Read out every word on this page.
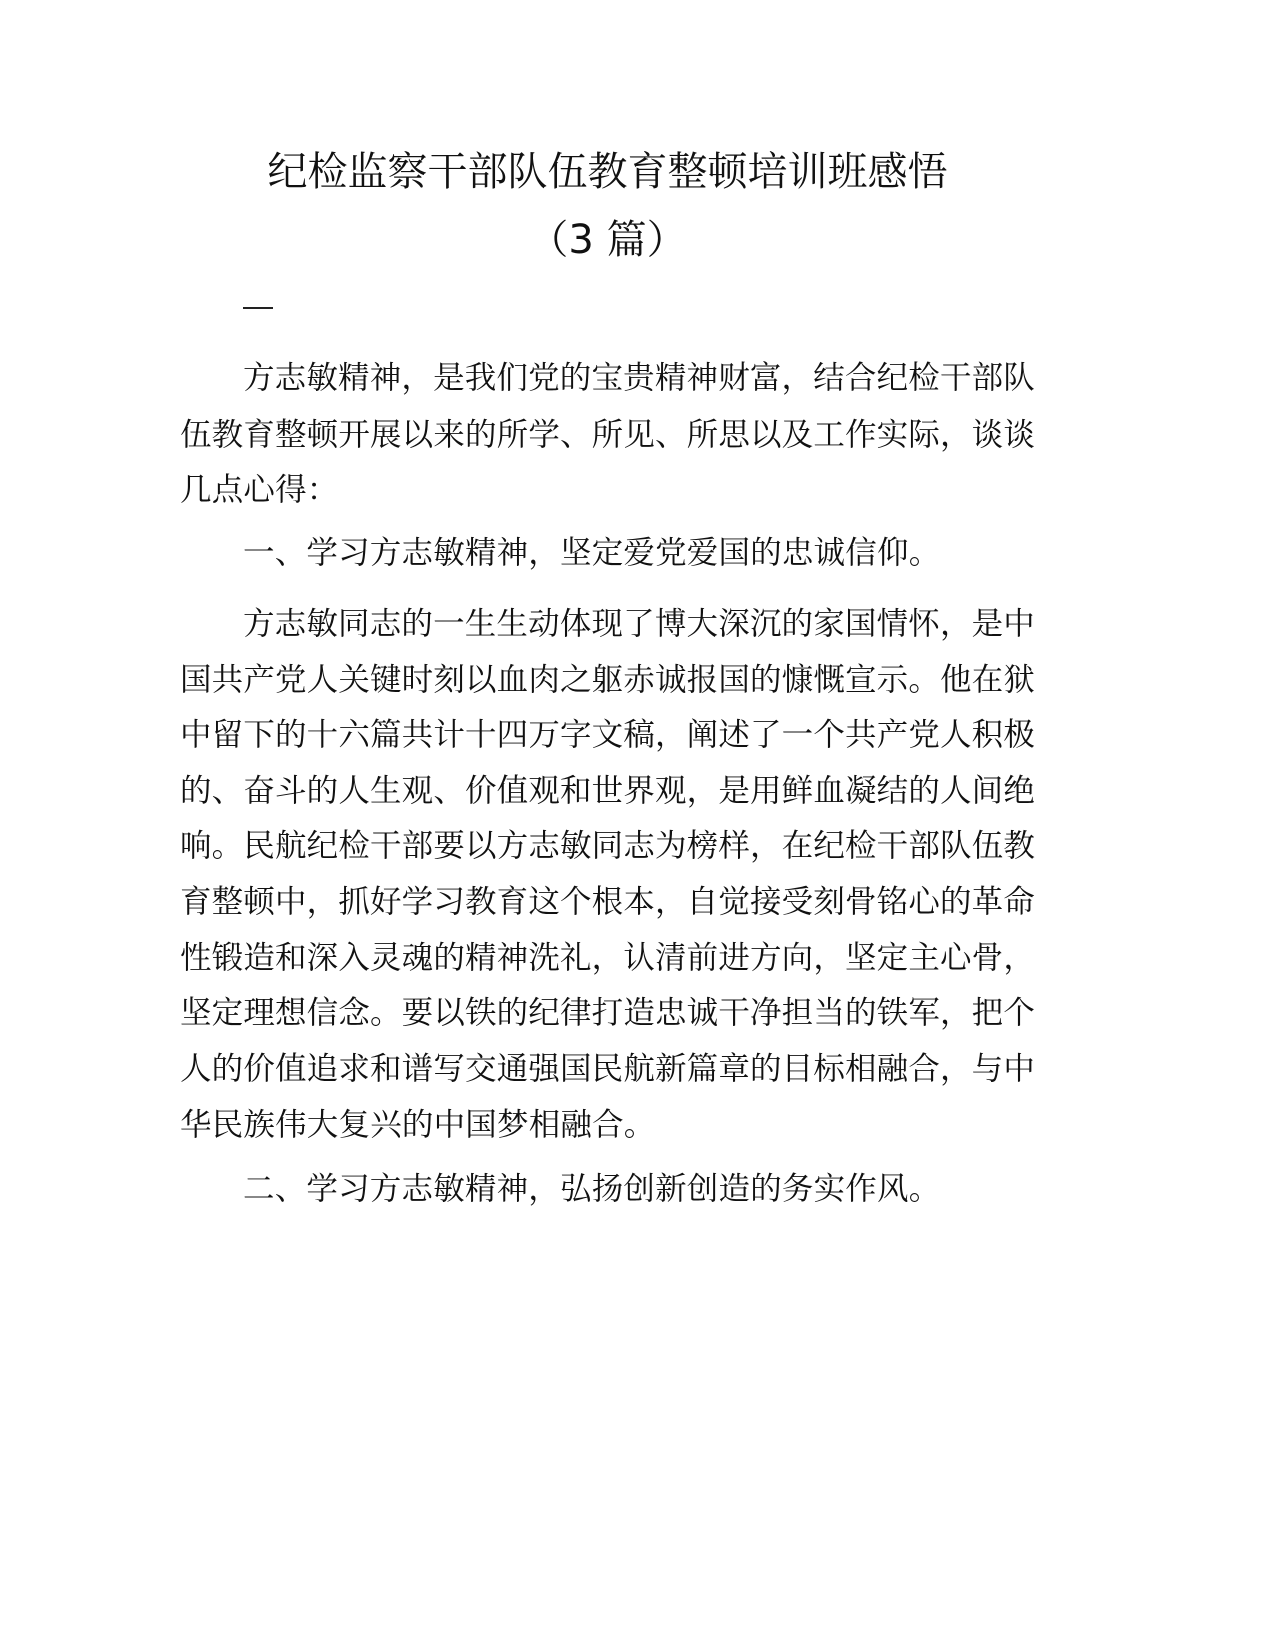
纪检监察干部队伍教育整顿培训班感悟
（3 篇）
方志敏精神，是我们党的宝贵精神财富，结合纪检干部队
伍教育整顿开展以来的所学、所见、所思以及工作实际，谈谈
几点心得：
一、学习方志敏精神，坚定爱党爱国的忠诚信仰。
方志敏同志的一生生动体现了博大深沉的家国情怀，是中
国共产党人关键时刻以血肉之躯赤诚报国的慷慨宣示。他在狱
中留下的十六篇共计十四万字文稿，阐述了一个共产党人积极
的、奋斗的人生观、价值观和世界观，是用鲜血凝结的人间绝
响。民航纪检干部要以方志敏同志为榜样，在纪检干部队伍教
育整顿中，抓好学习教育这个根本，自觉接受刻骨铭心的革命
性锻造和深入灵魂的精神洗礼，认清前进方向，坚定主心骨，
坚定理想信念。要以铁的纪律打造忠诚干净担当的铁军，把个
人的价值追求和谱写交通强国民航新篇章的目标相融合，与中
华民族伟大复兴的中国梦相融合。
二、学习方志敏精神，弘扬创新创造的务实作风。
